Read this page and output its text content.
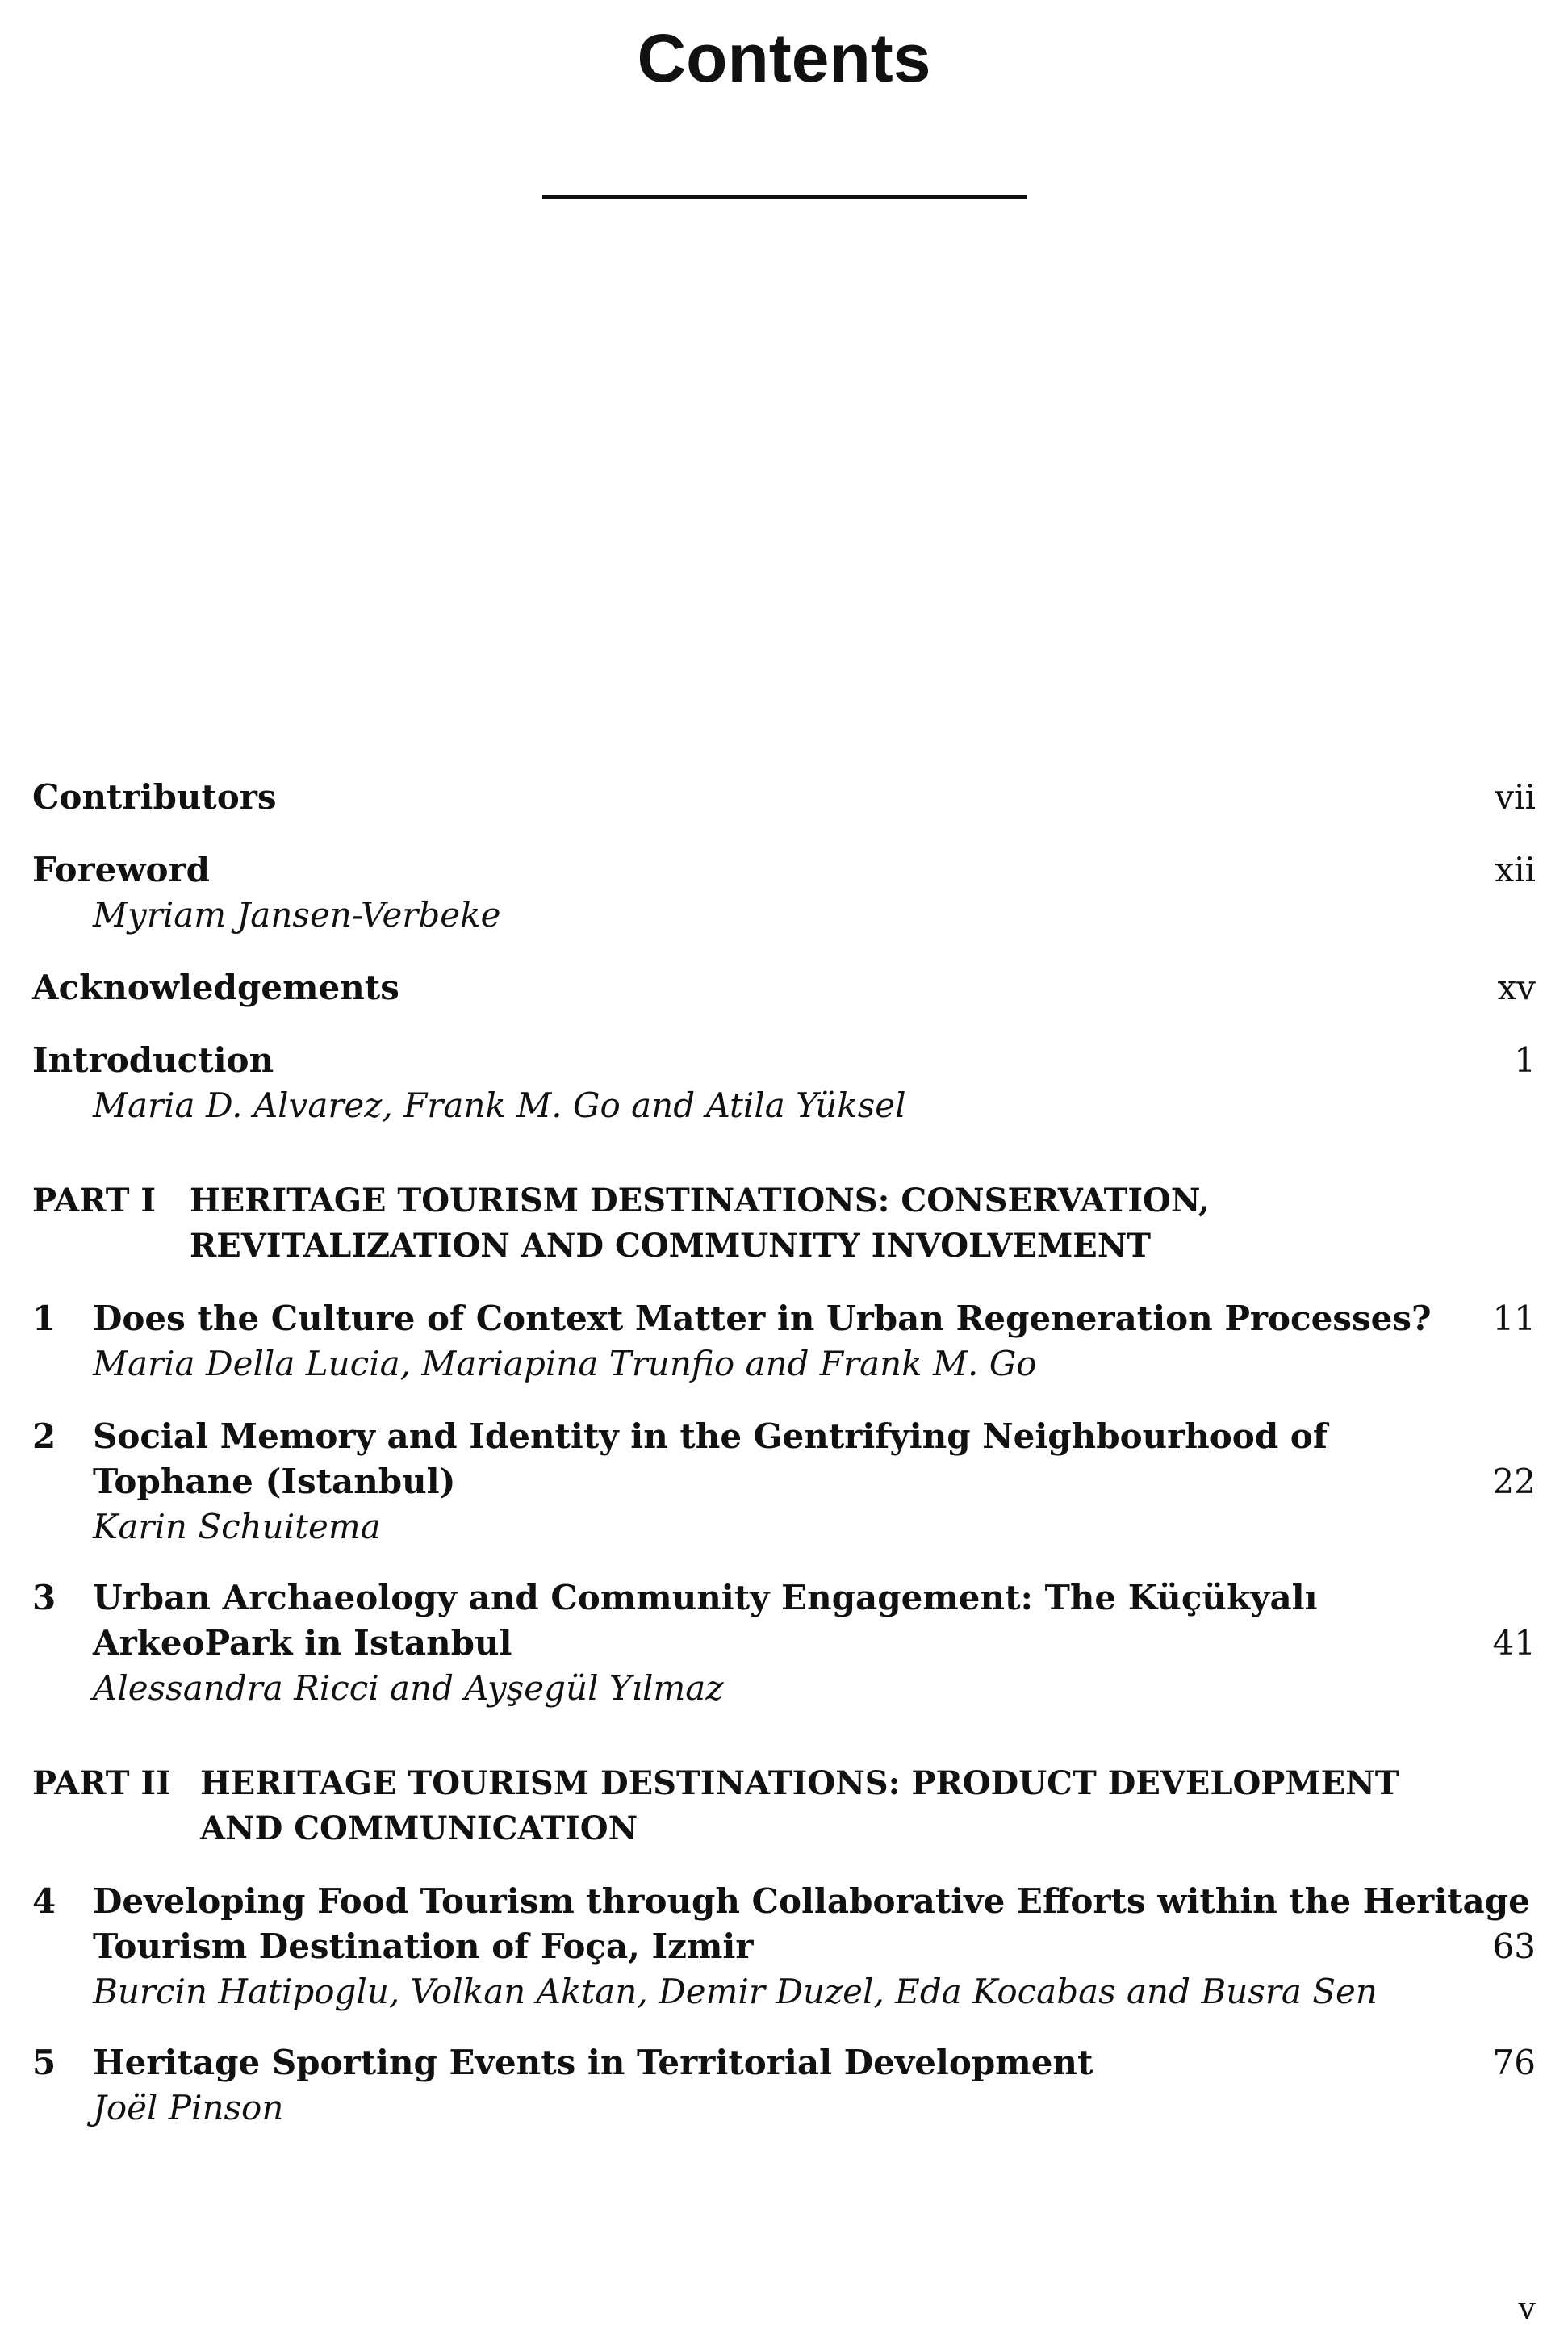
Contents
Contributors	vii
Foreword	xii
Myriam Jansen-Verbeke
Acknowledgements	xv
Introduction	1
Maria D. Alvarez, Frank M. Go and Atila Yüksel
PART I HERITAGE TOURISM DESTINATIONS: CONSERVATION,
REVITALIZATION AND COMMUNITY INVOLVEMENT
1 Does the Culture of Context Matter in Urban Regeneration Processes? 11
Maria Della Lucia, Mariapina Trunfio and Frank M. Go
2 Social Memory and Identity in the Gentrifying Neighbourhood of
Tophane (Istanbul)	22
Karin Schuitema
3 Urban Archaeology and Community Engagement: The Küçükyalı
ArkeoPark in Istanbul	41
Alessandra Ricci and Ayşegül Yılmaz
PART II HERITAGE TOURISM DESTINATIONS: PRODUCT DEVELOPMENT
AND COMMUNICATION
4 Developing Food Tourism through Collaborative Efforts within the Heritage
Tourism Destination of Foça, Izmir	63
Burcin Hatipoglu, Volkan Aktan, Demir Duzel, Eda Kocabas and Busra Sen
5 Heritage Sporting Events in Territorial Development	76
Joël Pinson
v
